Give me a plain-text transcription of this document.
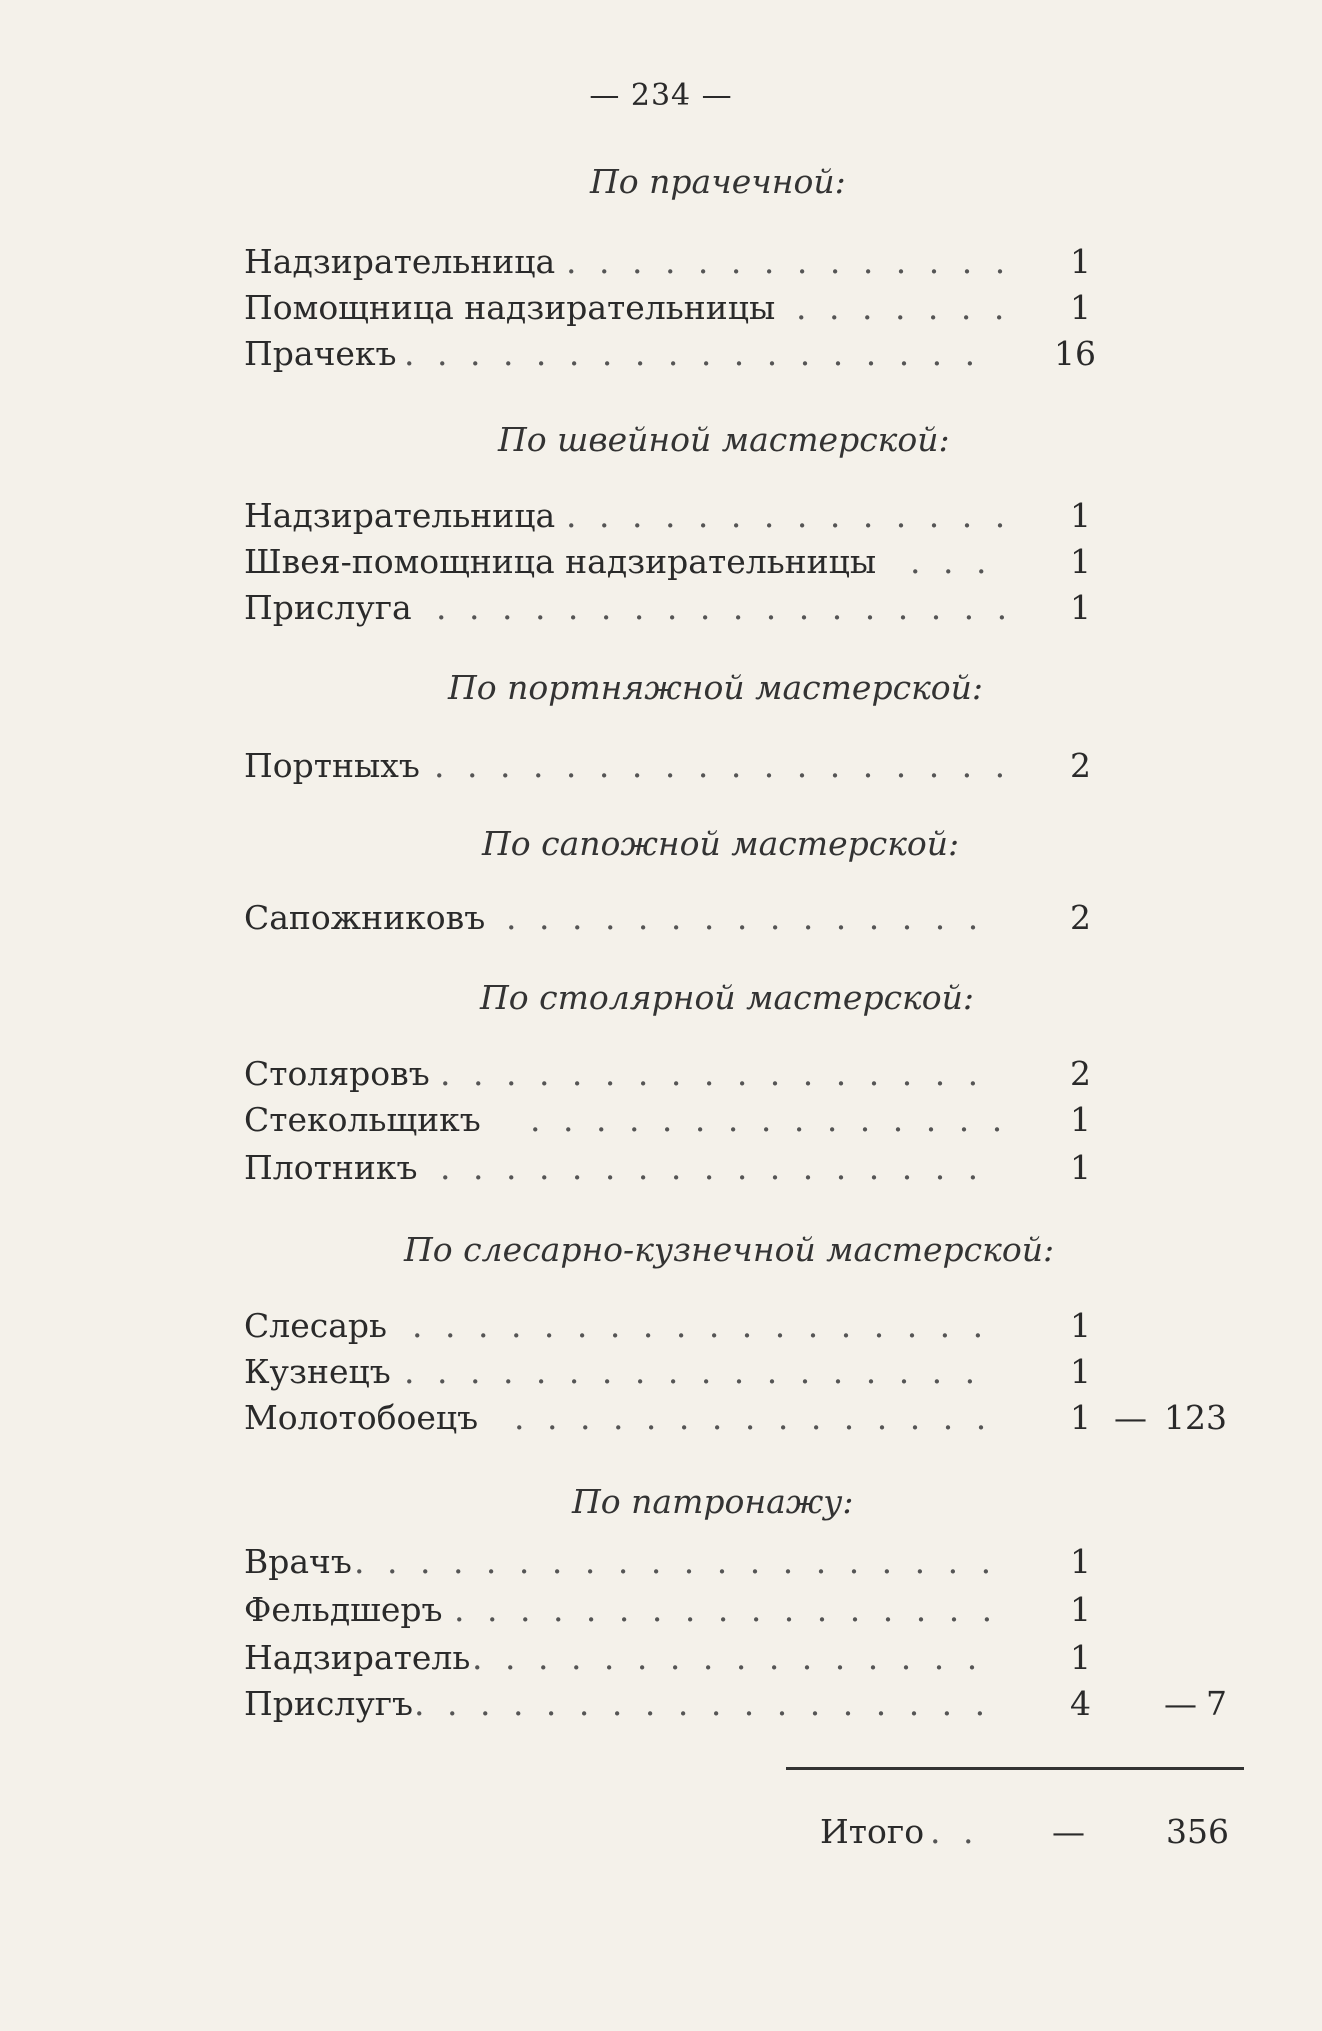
— 234 —
По прачечной:
Надзирательница . . . . . . . . . . . . . . 1
Помощница надзирательницы . . . . . . . 1
Прачекъ . . . . . . . . . . . . . . . . . . 16
По швейной мастерской:
Надзирательница . . . . . . . . . . . . . . 1
Швея-помощница надзирательницы . . . 1
Прислуга . . . . . . . . . . . . . . . . . . 1
По портняжной мастерской:
Портныхъ . . . . . . . . . . . . . . . . . . 2
По сапожной мастерской:
Сапожниковъ . . . . . . . . . . . . . . .	2
По столярной мастерской:
Столяровъ . . . . . . . . . . . . . . . . .	2
Стекольщикъ . . . . . . . . . . . . . . . 1
Плотникъ . . . . . . . . . . . . . . . . .	1
По слесарно-кузнечной мастерской:
Слесарь . . . . . . . . . . . . . . . . . . 1
Кузнецъ . . . . . . . . . . . . . . . . . .	1
Молотобоецъ . . . . . . . . . . . . . . . 1 — 123
По патронажу:
Врачъ . . . . . . . . . . . . . . . . . . . . 1
Фельдшеръ . . . . . . . . . . . . . . . . . 1
Надзиратель . . . . . . . . . . . . . . . .	1
Прислугъ . . . . . . . . . . . . . . . . . . 4 — 7
Итого . . — 356
